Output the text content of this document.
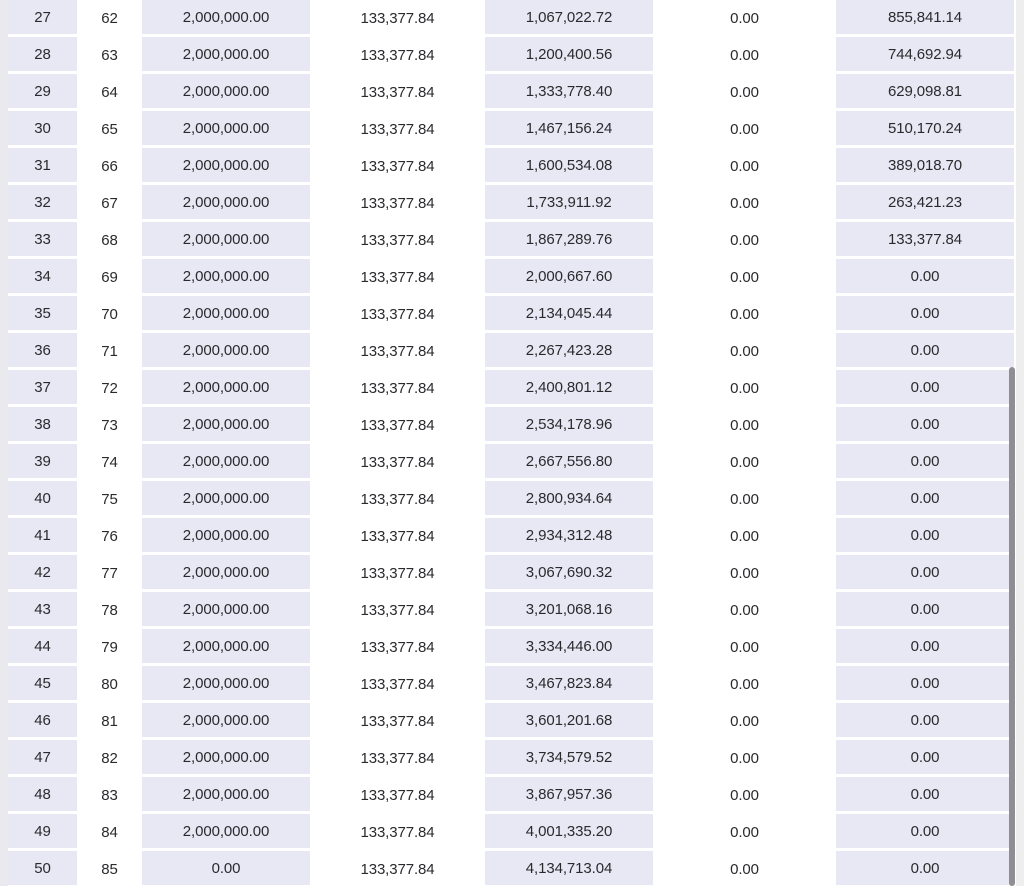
27	62	2,000,000.00	133,377.84	1,067,022.72	0.00	855,841.14
28	63	2,000,000.00	133,377.84	1,200,400.56	0.00	744,692.94
29	64	2,000,000.00	133,377.84	1,333,778.40	0.00	629,098.81
30	65	2,000,000.00	133,377.84	1,467,156.24	0.00	510,170.24
31	66	2,000,000.00	133,377.84	1,600,534.08	0.00	389,018.70
32	67	2,000,000.00	133,377.84	1,733,911.92	0.00	263,421.23
33	68	2,000,000.00	133,377.84	1,867,289.76	0.00	133,377.84
34	69	2,000,000.00	133,377.84	2,000,667.60	0.00	0.00
35	70	2,000,000.00	133,377.84	2,134,045.44	0.00	0.00
36	71	2,000,000.00	133,377.84	2,267,423.28	0.00	0.00
37	72	2,000,000.00	133,377.84	2,400,801.12	0.00	0.00
38	73	2,000,000.00	133,377.84	2,534,178.96	0.00	0.00
39	74	2,000,000.00	133,377.84	2,667,556.80	0.00	0.00
40	75	2,000,000.00	133,377.84	2,800,934.64	0.00	0.00
41	76	2,000,000.00	133,377.84	2,934,312.48	0.00	0.00
42	77	2,000,000.00	133,377.84	3,067,690.32	0.00	0.00
43	78	2,000,000.00	133,377.84	3,201,068.16	0.00	0.00
44	79	2,000,000.00	133,377.84	3,334,446.00	0.00	0.00
45	80	2,000,000.00	133,377.84	3,467,823.84	0.00	0.00
46	81	2,000,000.00	133,377.84	3,601,201.68	0.00	0.00
47	82	2,000,000.00	133,377.84	3,734,579.52	0.00	0.00
48	83	2,000,000.00	133,377.84	3,867,957.36	0.00	0.00
49	84	2,000,000.00	133,377.84	4,001,335.20	0.00	0.00
50	85	0.00	133,377.84	4,134,713.04	0.00	0.00
